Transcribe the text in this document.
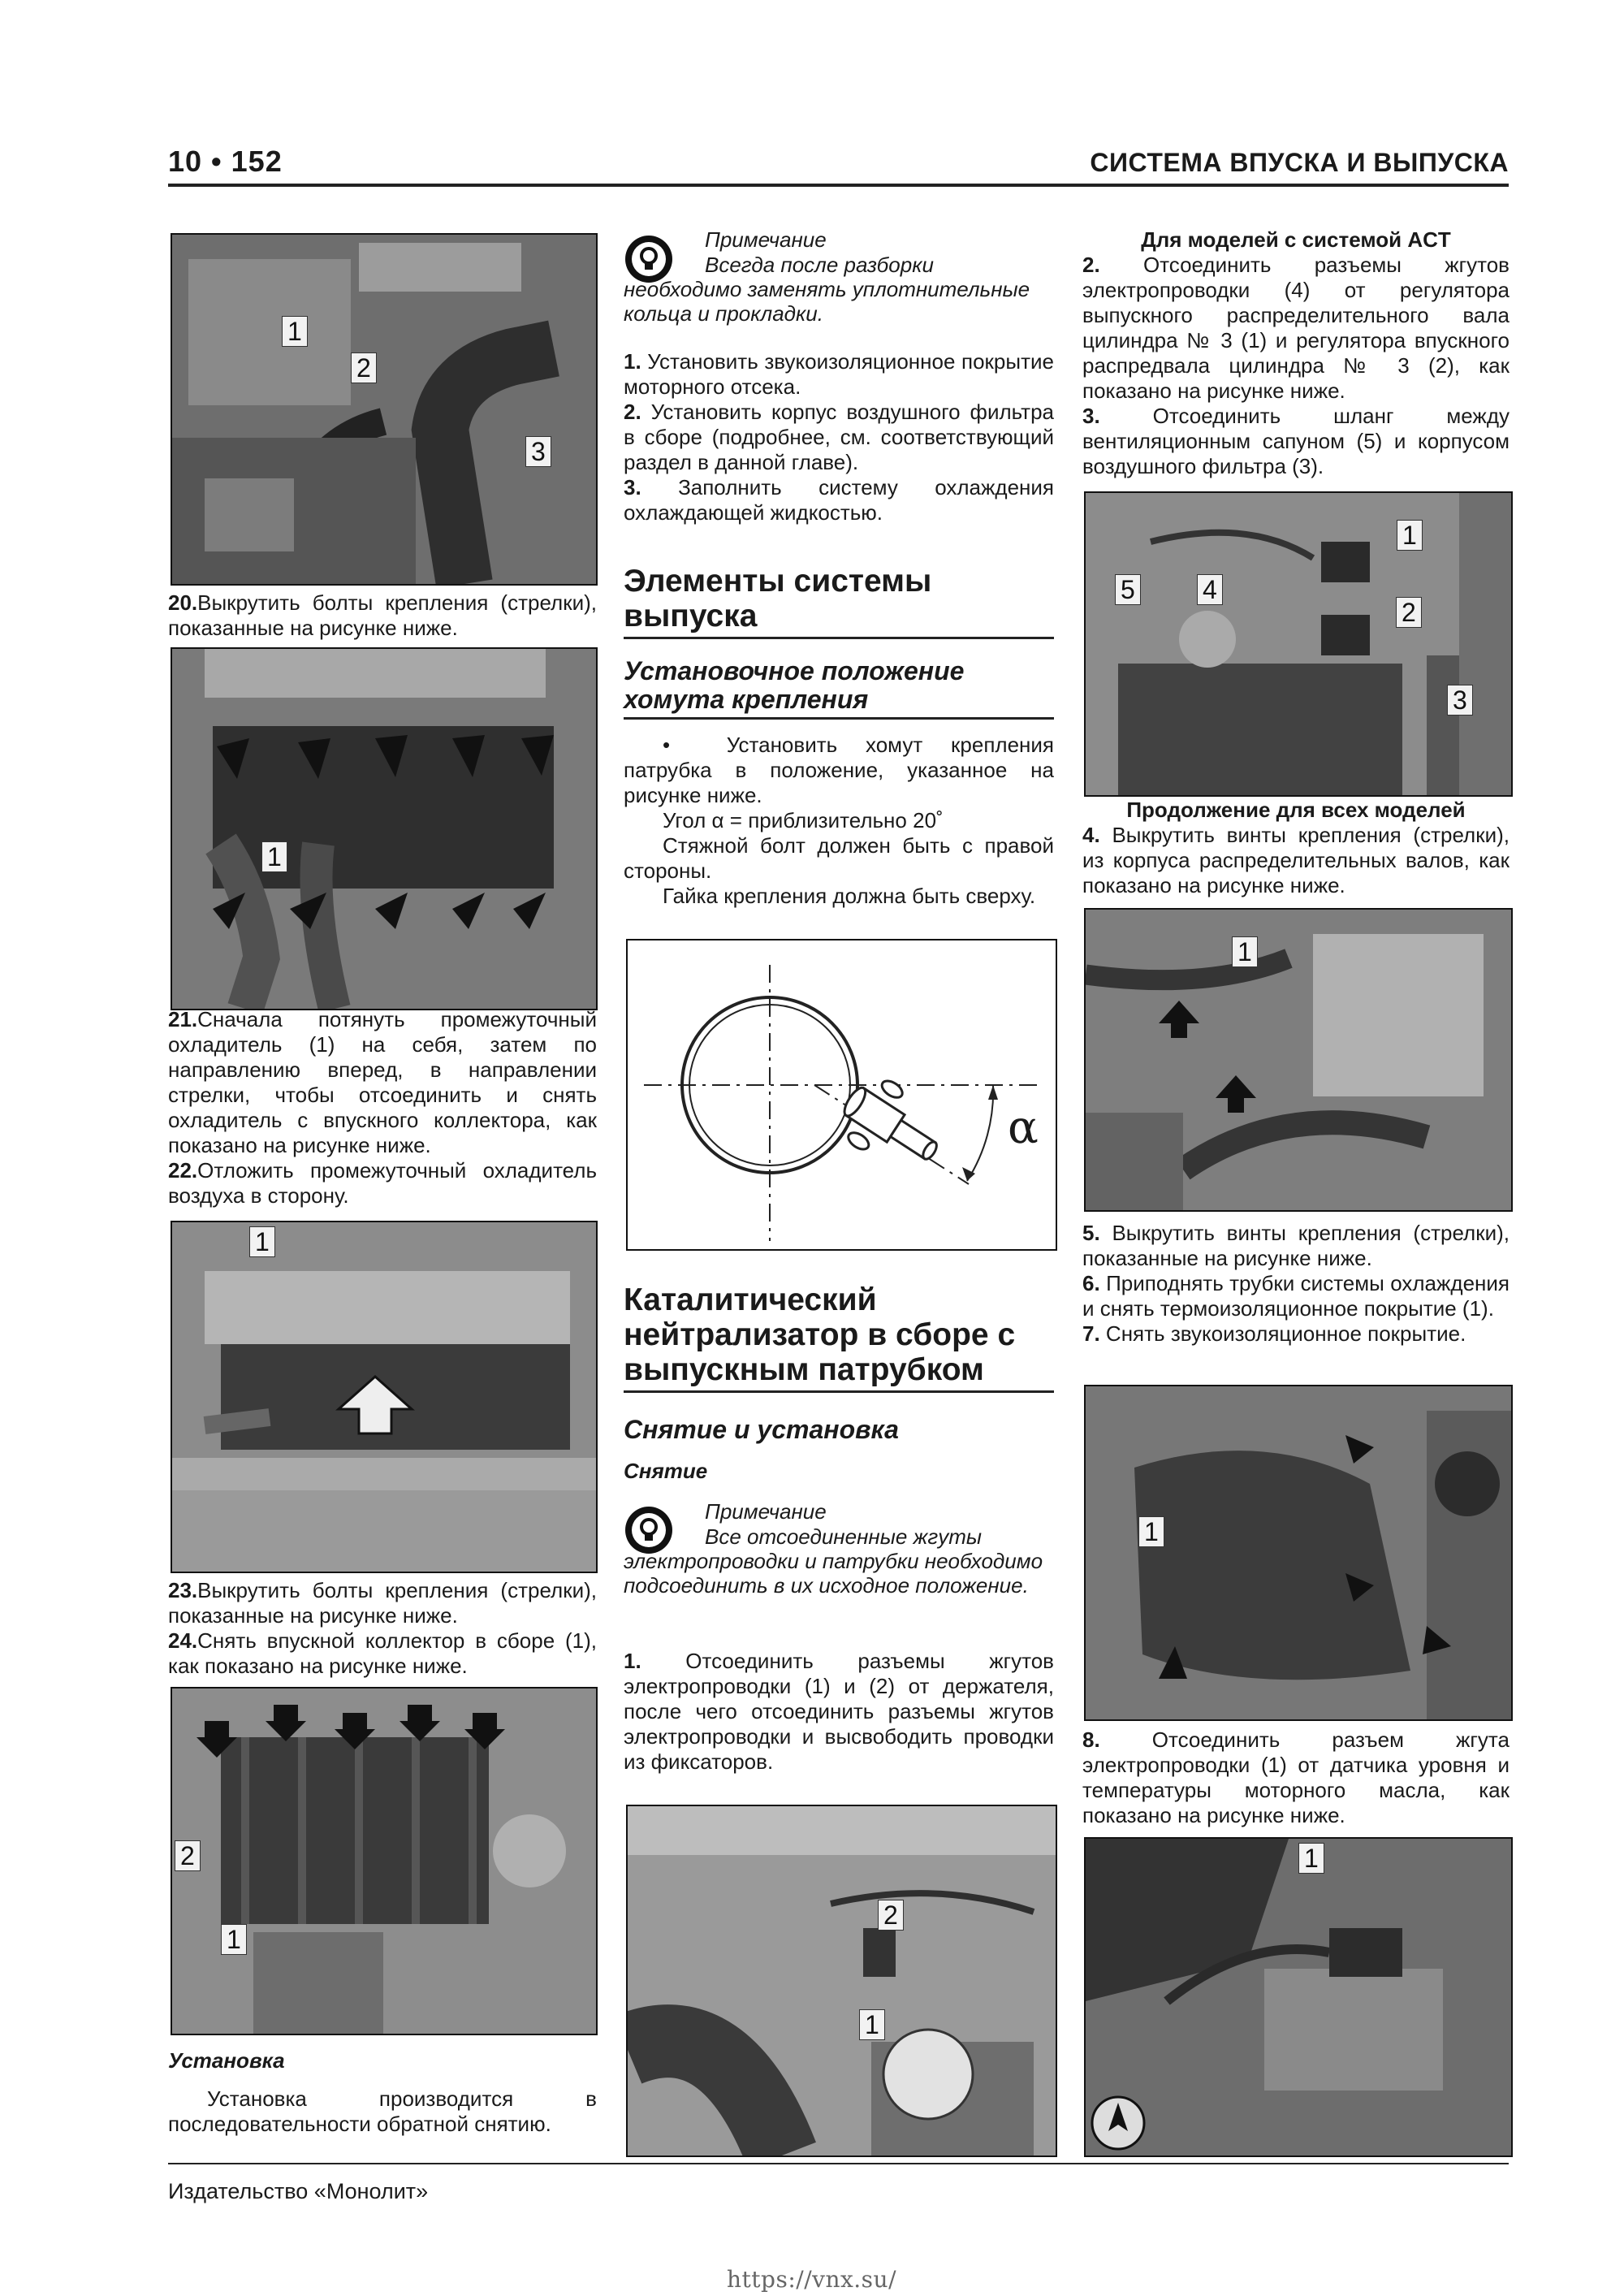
10 • 152	СИСТЕМА ВПУСКА И ВЫПУСКА
1
2
3

20.Выкрутить болты крепления (стрелки), показанные на рисунке ниже.

1

21.Сначала потянуть промежуточный охладитель (1) на себя, затем по направлению вперед, в направлении стрелки, чтобы отсоединить и снять охладитель с впускного коллектора, как показано на рисунке ниже.

22.Отложить промежуточный охладитель воздуха в сторону.

1

23.Выкрутить болты крепления (стрелки), показанные на рисунке ниже.

24.Снять впускной коллектор в сборе (1), как показано на рисунке ниже.

2
1

Установка

Установка производится в последовательности обратной снятию.

Примечание

Всегда после разборки необходимо заменять уплотнительные кольца и прокладки.

1. Установить звукоизоляционное покрытие моторного отсека.

2. Установить корпус воздушного фильтра в сборе (подробнее, см. соответствующий раздел в данной главе).

3. Заполнить систему охлаждения охлаждающей жидкостью.

Элементы системы выпуска

Установочное положение хомута крепления

•  Установить хомут крепления патрубка в положение, указанное на рисунке ниже.

Угол α = приблизительно 20˚

Стяжной болт должен быть с правой стороны.

Гайка крепления должна быть сверху.

α

Каталитический нейтрализатор в сборе с выпускным патрубком

Снятие и установка

Снятие

Примечание

Все отсоединенные жгуты электропроводки и патрубки необходимо подсоединить в их исходное положение.

1. Отсоединить разъемы жгутов электропроводки (1) и (2) от держателя, после чего отсоединить разъемы жгутов электропроводки и высвободить проводки из фиксаторов.

2
1

Для моделей с системой ACT

2. Отсоединить разъемы жгутов электропроводки (4) от регулятора выпускного распределительного вала цилиндра № 3 (1) и регулятора впускного распредвала цилиндра № 3 (2), как показано на рисунке ниже.

3. Отсоединить шланг между вентиляционным сапуном (5) и корпусом воздушного фильтра (3).

1
5	4
2
3

Продолжение для всех моделей

4. Выкрутить винты крепления (стрелки), из корпуса распределительных валов, как показано на рисунке ниже.

1

5. Выкрутить винты крепления (стрелки), показанные на рисунке ниже.

6. Приподнять трубки системы охлаждения и снять термоизоляционное покрытие (1).

7. Снять звукоизоляционное покрытие.

1

8. Отсоединить разъем жгута электропроводки (1) от датчика уровня и температуры моторного масла, как показано на рисунке ниже.

1
Издательство «Монолит»
https://vnx.su/
